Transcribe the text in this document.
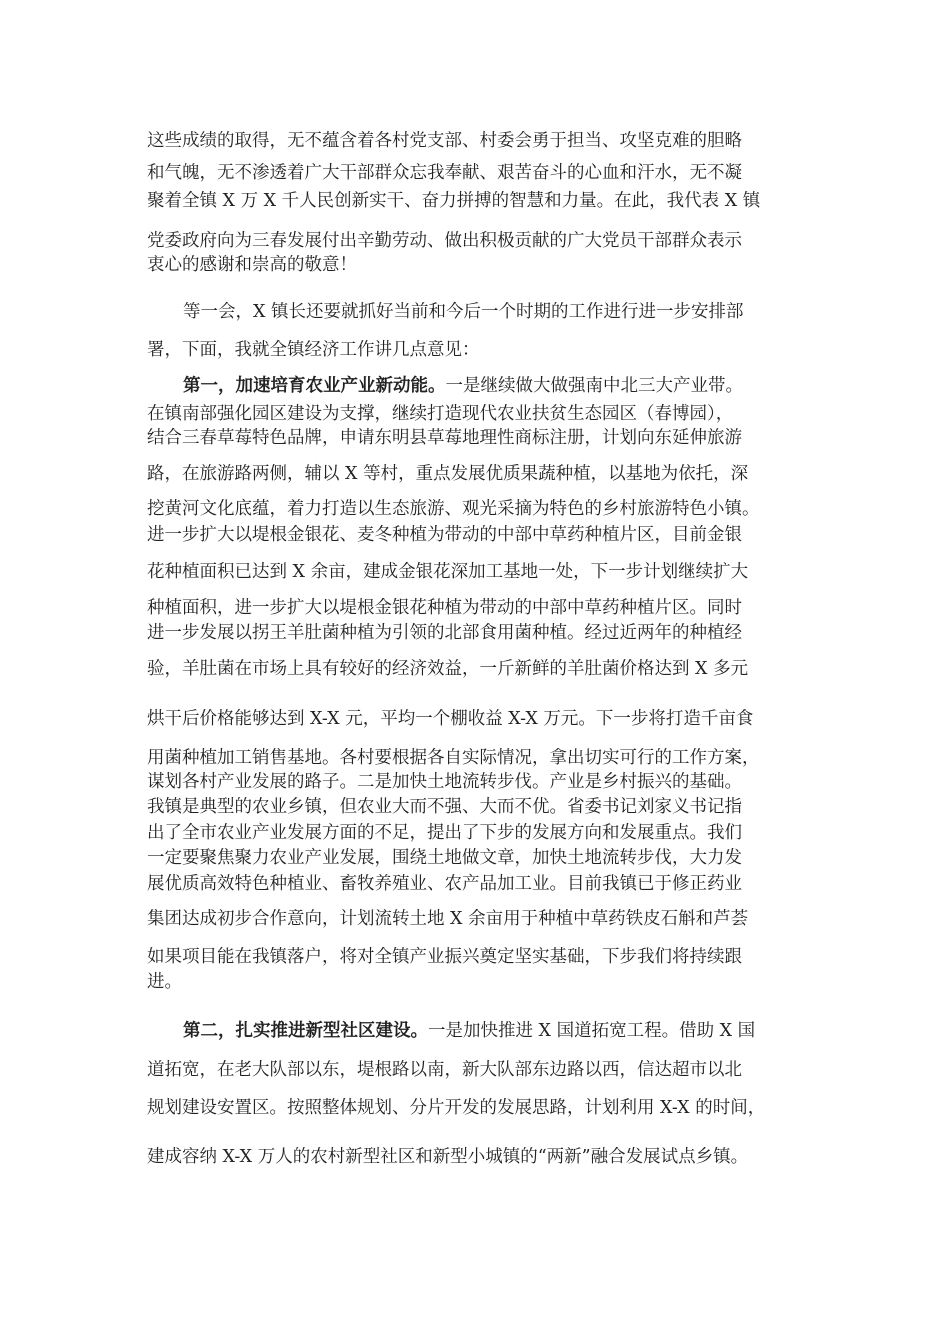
这些成绩的取得，无不蕴含着各村党支部、村委会勇于担当、攻坚克难的胆略
和气魄，无不渗透着广大干部群众忘我奉献、艰苦奋斗的心血和汗水，无不凝
聚着全镇 X 万 X 千人民创新实干、奋力拼搏的智慧和力量。在此，我代表 X 镇
党委政府向为三春发展付出辛勤劳动、做出积极贡献的广大党员干部群众表示
衷心的感谢和崇高的敬意！
等一会，X 镇长还要就抓好当前和今后一个时期的工作进行进一步安排部
署，下面，我就全镇经济工作讲几点意见：
第一，加速培育农业产业新动能。一是继续做大做强南中北三大产业带。
在镇南部强化园区建设为支撑，继续打造现代农业扶贫生态园区（春博园），
结合三春草莓特色品牌，申请东明县草莓地理性商标注册，计划向东延伸旅游
路，在旅游路两侧，辅以 X 等村，重点发展优质果蔬种植，以基地为依托，深
挖黄河文化底蕴，着力打造以生态旅游、观光采摘为特色的乡村旅游特色小镇。
进一步扩大以堤根金银花、麦冬种植为带动的中部中草药种植片区，目前金银
花种植面积已达到 X 余亩，建成金银花深加工基地一处，下一步计划继续扩大
种植面积，进一步扩大以堤根金银花种植为带动的中部中草药种植片区。同时
进一步发展以拐王羊肚菌种植为引领的北部食用菌种植。经过近两年的种植经
验，羊肚菌在市场上具有较好的经济效益，一斤新鲜的羊肚菌价格达到 X 多元
烘干后价格能够达到 X-X 元，平均一个棚收益 X-X 万元。下一步将打造千亩食
用菌种植加工销售基地。各村要根据各自实际情况，拿出切实可行的工作方案，
谋划各村产业发展的路子。二是加快土地流转步伐。产业是乡村振兴的基础。
我镇是典型的农业乡镇，但农业大而不强、大而不优。省委书记刘家义书记指
出了全市农业产业发展方面的不足，提出了下步的发展方向和发展重点。我们
一定要聚焦聚力农业产业发展，围绕土地做文章，加快土地流转步伐，大力发
展优质高效特色种植业、畜牧养殖业、农产品加工业。目前我镇已于修正药业
集团达成初步合作意向，计划流转土地 X 余亩用于种植中草药铁皮石斛和芦荟
如果项目能在我镇落户，将对全镇产业振兴奠定坚实基础，下步我们将持续跟
进。
第二，扎实推进新型社区建设。一是加快推进 X 国道拓宽工程。借助 X 国
道拓宽，在老大队部以东，堤根路以南，新大队部东边路以西，信达超市以北
规划建设安置区。按照整体规划、分片开发的发展思路，计划利用 X-X 的时间，
建成容纳 X-X 万人的农村新型社区和新型小城镇的“两新”融合发展试点乡镇。
